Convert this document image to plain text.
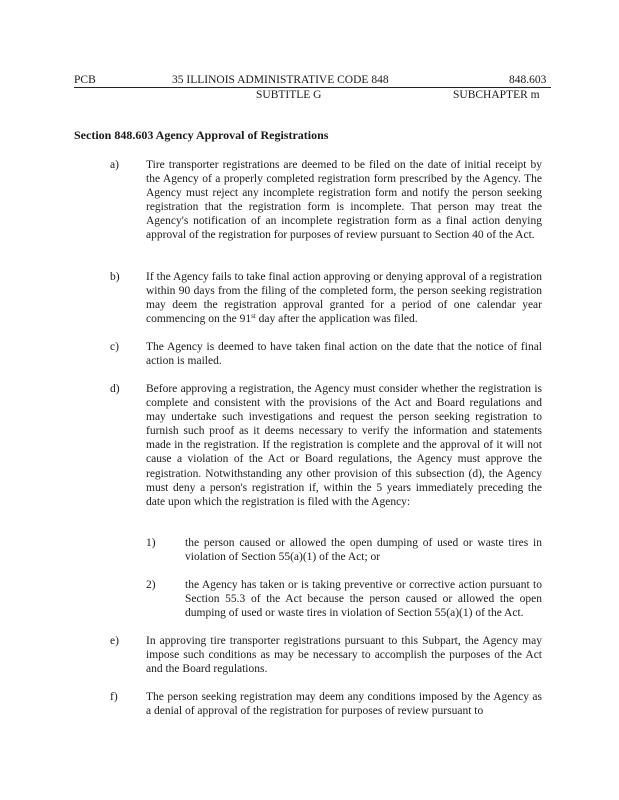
PCB	35 ILLINOIS ADMINISTRATIVE CODE 848	848.603
SUBTITLE G	SUBCHAPTER m
Section 848.603 Agency Approval of Registrations
a) Tire transporter registrations are deemed to be filed on the date of initial receipt by the Agency of a properly completed registration form prescribed by the Agency. The Agency must reject any incomplete registration form and notify the person seeking registration that the registration form is incomplete. That person may treat the Agency's notification of an incomplete registration form as a final action denying approval of the registration for purposes of review pursuant to Section 40 of the Act.

b) If the Agency fails to take final action approving or denying approval of a registration within 90 days from the filing of the completed form, the person seeking registration may deem the registration approval granted for a period of one calendar year commencing on the 91st day after the application was filed.

c) The Agency is deemed to have taken final action on the date that the notice of final action is mailed.

d) Before approving a registration, the Agency must consider whether the registration is complete and consistent with the provisions of the Act and Board regulations and may undertake such investigations and request the person seeking registration to furnish such proof as it deems necessary to verify the information and statements made in the registration. If the registration is complete and the approval of it will not cause a violation of the Act or Board regulations, the Agency must approve the registration. Notwithstanding any other provision of this subsection (d), the Agency must deny a person's registration if, within the 5 years immediately preceding the date upon which the registration is filed with the Agency:

1)	the person caused or allowed the open dumping of used or waste tires in violation of Section 55(a)(1) of the Act; or

2)	the Agency has taken or is taking preventive or corrective action pursuant to Section 55.3 of the Act because the person caused or allowed the open dumping of used or waste tires in violation of Section 55(a)(1) of the Act.

e) In approving tire transporter registrations pursuant to this Subpart, the Agency may impose such conditions as may be necessary to accomplish the purposes of the Act and the Board regulations.

f) The person seeking registration may deem any conditions imposed by the Agency as a denial of approval of the registration for purposes of review pursuant to
